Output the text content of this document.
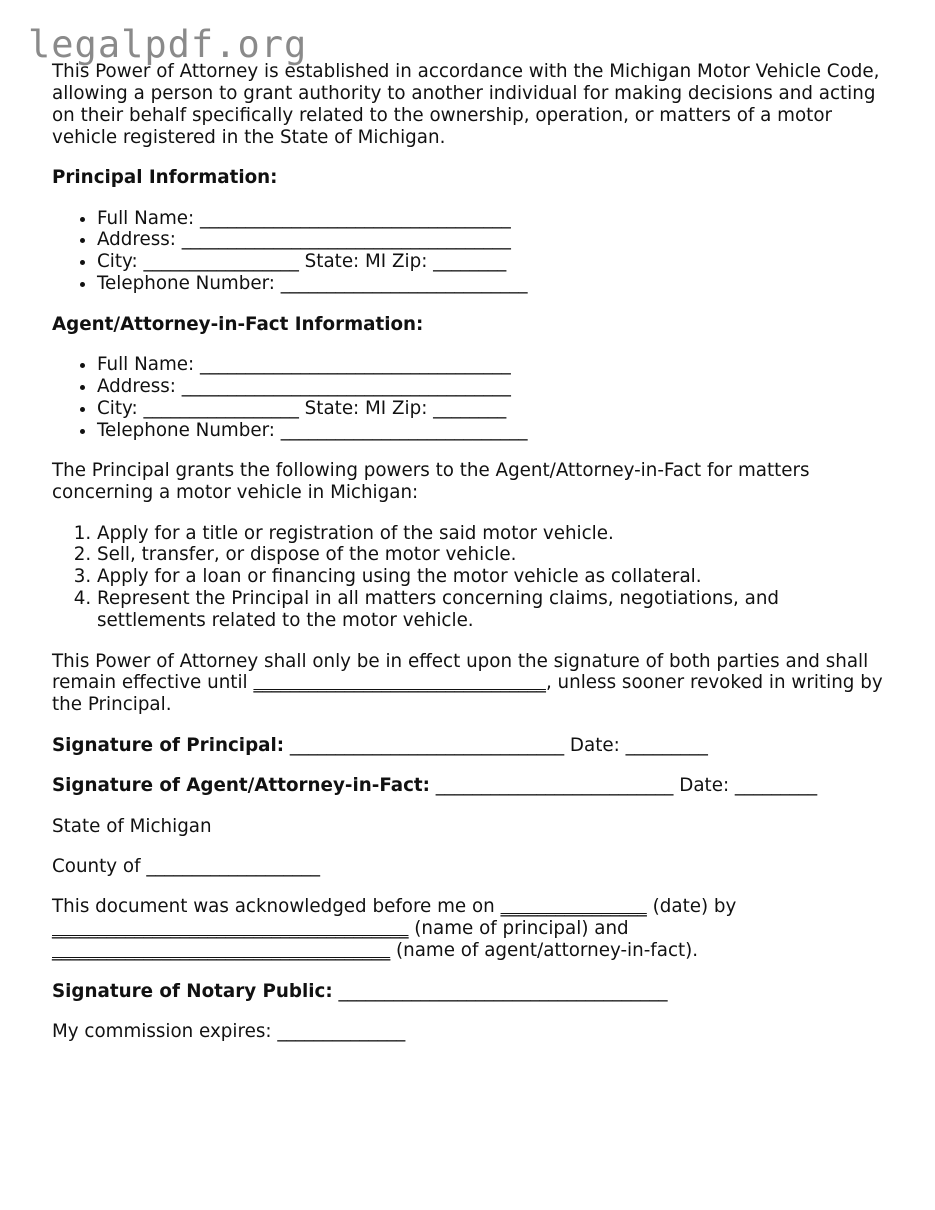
legalpdf.org

This Power of Attorney is established in accordance with the Michigan Motor Vehicle Code, allowing a person to grant authority to another individual for making decisions and acting on their behalf specifically related to the ownership, operation, or matters of a motor vehicle registered in the State of Michigan.

Principal Information:

• Full Name: __________________________________
• Address: ____________________________________
• City: _________________ State: MI Zip: ________
• Telephone Number: ___________________________

Agent/Attorney-in-Fact Information:

• Full Name: __________________________________
• Address: ____________________________________
• City: _________________ State: MI Zip: ________
• Telephone Number: ___________________________

The Principal grants the following powers to the Agent/Attorney-in-Fact for matters concerning a motor vehicle in Michigan:

1. Apply for a title or registration of the said motor vehicle.
2. Sell, transfer, or dispose of the motor vehicle.
3. Apply for a loan or financing using the motor vehicle as collateral.
4. Represent the Principal in all matters concerning claims, negotiations, and settlements related to the motor vehicle.

This Power of Attorney shall only be in effect upon the signature of both parties and shall remain effective until ________________________________, unless sooner revoked in writing by the Principal.

Signature of Principal: ______________________________ Date: _________

Signature of Agent/Attorney-in-Fact: __________________________ Date: _________

State of Michigan

County of ___________________

This document was acknowledged before me on ________________ (date) by
_______________________________________ (name of principal) and
_____________________________________ (name of agent/attorney-in-fact).

Signature of Notary Public: ____________________________________

My commission expires: ______________
